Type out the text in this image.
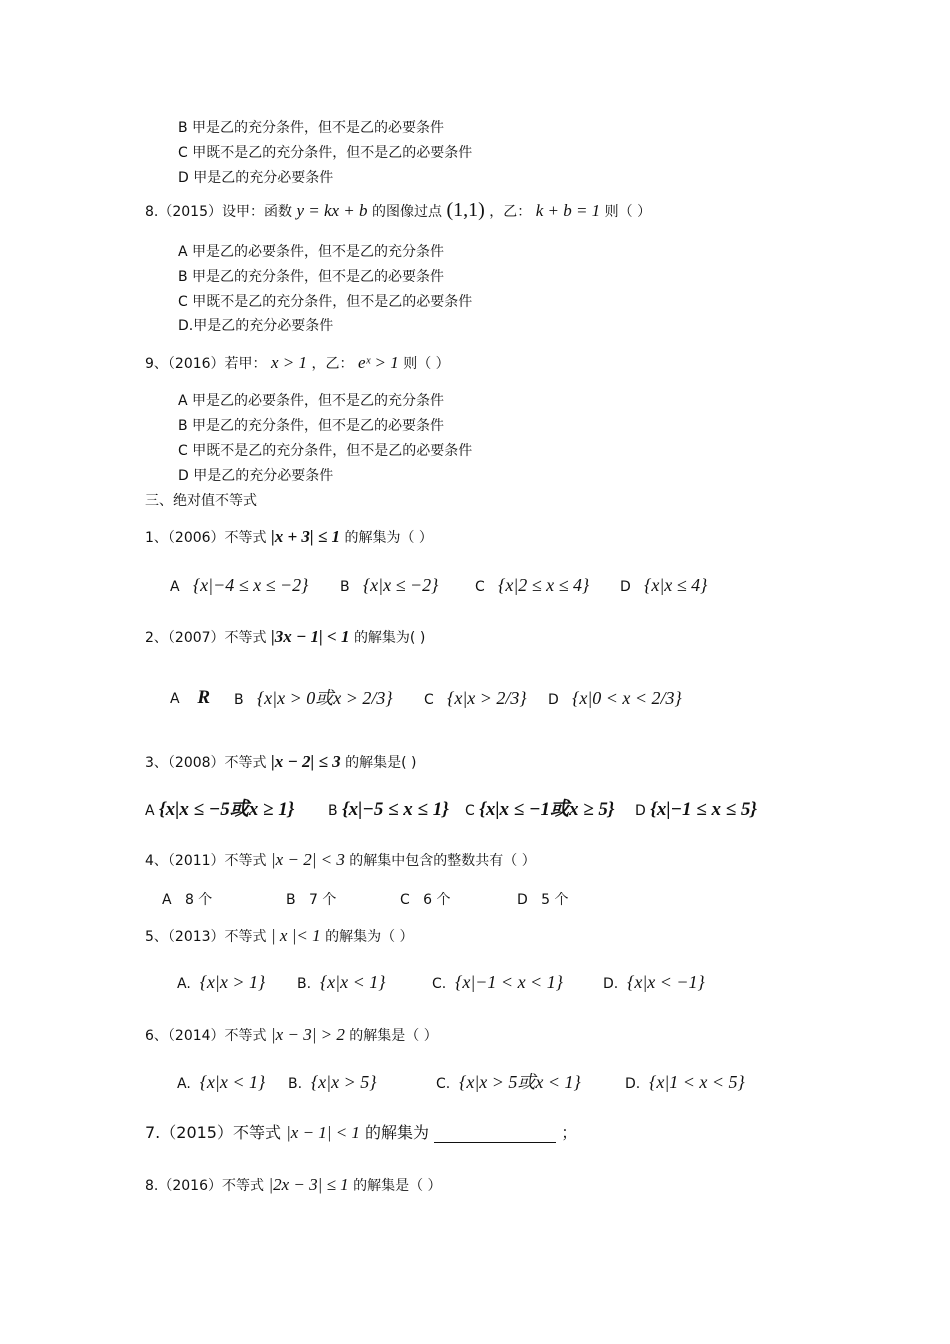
B 甲是乙的充分条件，但不是乙的必要条件
C 甲既不是乙的充分条件，但不是乙的必要条件
D 甲是乙的充分必要条件
8.（2015）设甲：函数 y = kx + b 的图像过点 (1,1) ，乙： k + b = 1 则（ ）
A 甲是乙的必要条件，但不是乙的充分条件
B 甲是乙的充分条件，但不是乙的必要条件
C 甲既不是乙的充分条件，但不是乙的必要条件
D.甲是乙的充分必要条件
9、（2016）若甲： x > 1 ，乙： eˣ > 1 则（ ）
A 甲是乙的必要条件，但不是乙的充分条件
B 甲是乙的充分条件，但不是乙的必要条件
C 甲既不是乙的充分条件，但不是乙的必要条件
D 甲是乙的充分必要条件
三、绝对值不等式
1、（2006）不等式 |x + 3| ≤ 1 的解集为（ ）
A {x|−4 ≤ x ≤ −2} B {x|x ≤ −2}	C {x|2 ≤ x ≤ 4} D {x|x ≤ 4}
2、（2007）不等式 |3x − 1| < 1 的解集为( )
A R B {x|x > 0或x > 2/3} C {x|x > 2/3} D {x|0 < x < 2/3}
3、（2008）不等式 |x − 2| ≤ 3 的解集是( )
A {x|x ≤ −5或x ≥ 1} B {x|−5 ≤ x ≤ 1} C {x|x ≤ −1或x ≥ 5} D {x|−1 ≤ x ≤ 5}
4、（2011）不等式 |x − 2| < 3 的解集中包含的整数共有（ ）
A 8 个	B 7 个	C 6 个	D 5 个
5、（2013）不等式 | x |< 1 的解集为（ ）
A. {x|x > 1} B. {x|x < 1}	C. {x|−1 < x < 1}	D. {x|x < −1}
6、（2014）不等式 |x − 3| > 2 的解集是（ ）
A. {x|x < 1} B. {x|x > 5}	C. {x|x > 5或x < 1}	D. {x|1 < x < 5}
7.（2015）不等式 |x − 1| < 1 的解集为	；
8.（2016）不等式 |2x − 3| ≤ 1 的解集是（ ）
